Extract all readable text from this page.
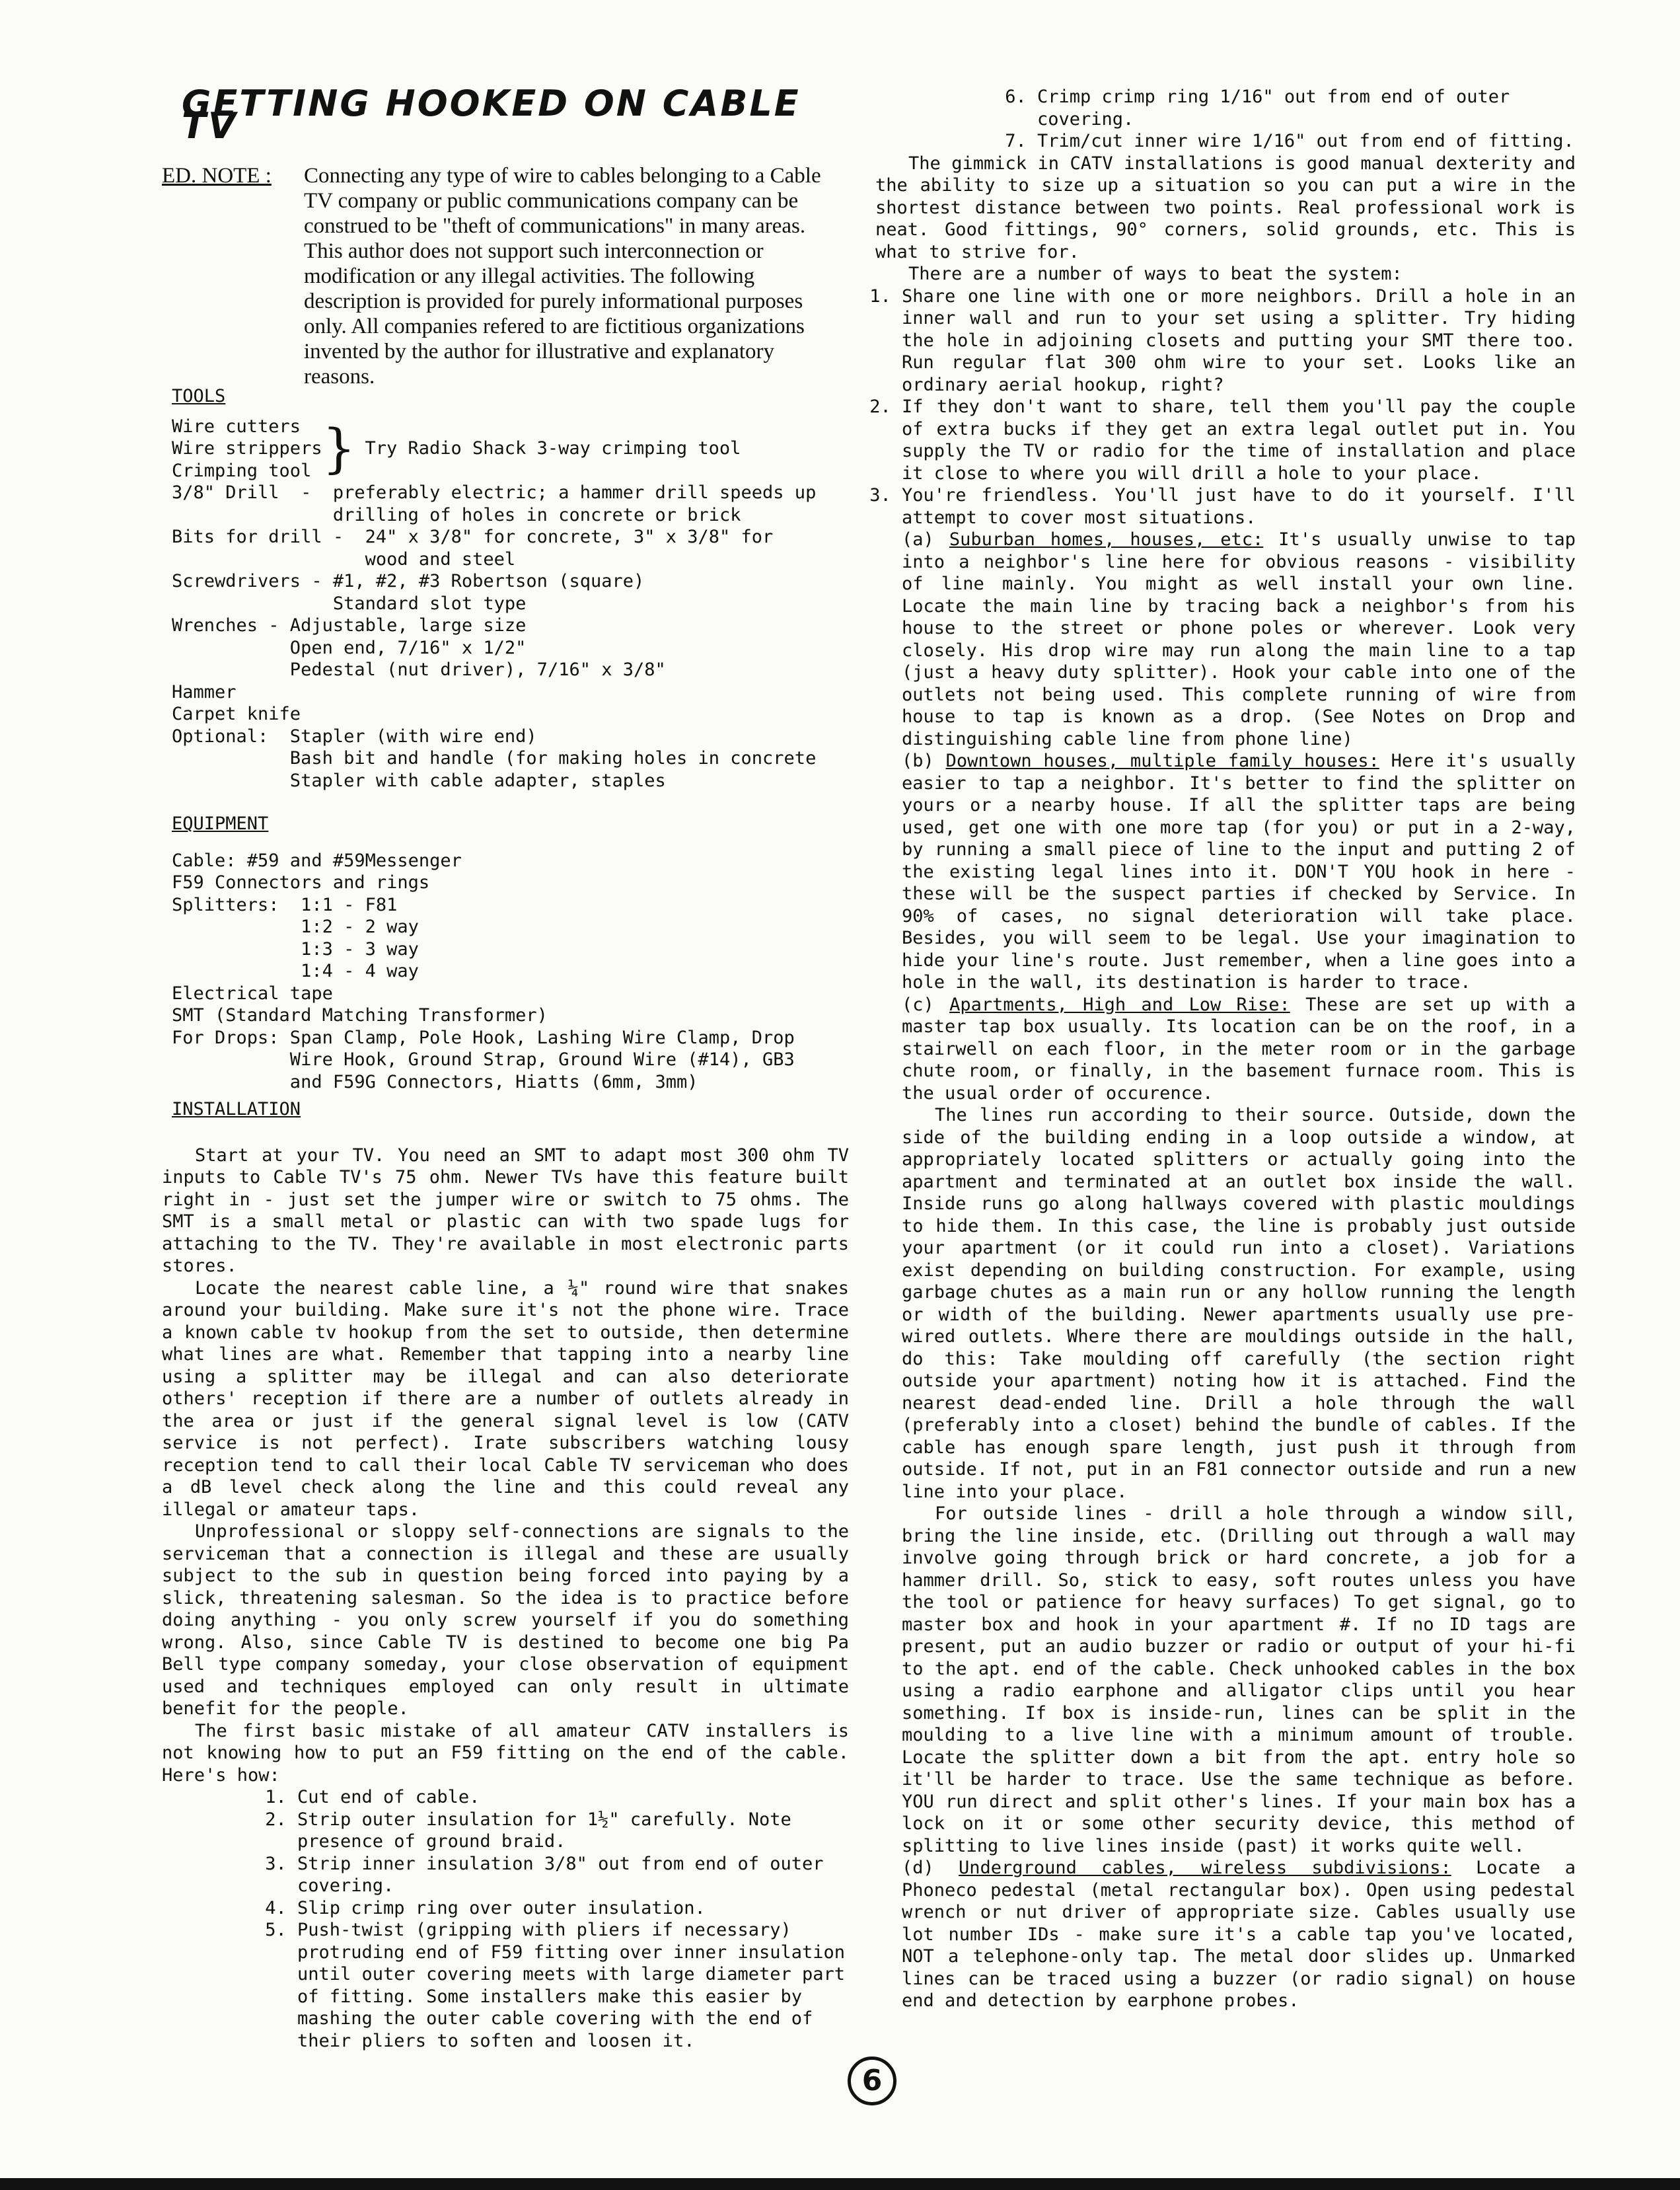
GETTING HOOKED ON CABLE TV
ED. NOTE :	Connecting any type of wire to cables belonging to a Cable TV company or public communications company can be construed to be "theft of communications" in many areas. This author does not support such interconnection or modification or any illegal activities. The following description is provided for purely informational purposes only. All companies refered to are fictitious organizations invented by the author for illustrative and explanatory reasons.
TOOLS
Wire cutters
Wire strippers
Crimping tool } Try Radio Shack 3-way crimping tool
3/8" Drill  -  preferably electric; a hammer drill speeds up
drilling of holes in concrete or brick
Bits for drill -  24" x 3/8" for concrete, 3" x 3/8" for
wood and steel
Screwdrivers - #1, #2, #3 Robertson (square)
Standard slot type
Wrenches - Adjustable, large size
Open end, 7/16" x 1/2"
Pedestal (nut driver), 7/16" x 3/8"
Hammer
Carpet knife
Optional:  Stapler (with wire end)
Bash bit and handle (for making holes in concrete
Stapler with cable adapter, staples
EQUIPMENT
Cable: #59 and #59Messenger
F59 Connectors and rings
Splitters:  1:1 - F81
1:2 - 2 way
1:3 - 3 way
1:4 - 4 way
Electrical tape
SMT (Standard Matching Transformer)
For Drops: Span Clamp, Pole Hook, Lashing Wire Clamp, Drop
Wire Hook, Ground Strap, Ground Wire (#14), GB3
and F59G Connectors, Hiatts (6mm, 3mm)
INSTALLATION

Start at your TV. You need an SMT to adapt most 300 ohm TV inputs to Cable TV's 75 ohm. Newer TVs have this feature built right in - just set the jumper wire or switch to 75 ohms. The SMT is a small metal or plastic can with two spade lugs for attaching to the TV. They're available in most electronic parts stores.

Locate the nearest cable line, a ¼" round wire that snakes around your building. Make sure it's not the phone wire. Trace a known cable tv hookup from the set to outside, then determine what lines are what. Remember that tapping into a nearby line using a splitter may be illegal and can also deteriorate others' reception if there are a number of outlets already in the area or just if the general signal level is low (CATV service is not perfect). Irate subscribers watching lousy reception tend to call their local Cable TV serviceman who does a dB level check along the line and this could reveal any illegal or amateur taps.

Unprofessional or sloppy self-connections are signals to the serviceman that a connection is illegal and these are usually subject to the sub in question being forced into paying by a slick, threatening salesman. So the idea is to practice before doing anything - you only screw yourself if you do something wrong. Also, since Cable TV is destined to become one big Pa Bell type company someday, your close observation of equipment used and techniques employed can only result in ultimate benefit for the people.

The first basic mistake of all amateur CATV installers is not knowing how to put an F59 fitting on the end of the cable. Here's how:

1. Cut end of cable.
2. Strip outer insulation for 1½" carefully. Note presence of ground braid.
3. Strip inner insulation 3/8" out from end of outer covering.
4. Slip crimp ring over outer insulation.
5. Push-twist (gripping with pliers if necessary) protruding end of F59 fitting over inner insulation until outer covering meets with large diameter part of fitting. Some installers make this easier by mashing the outer cable covering with the end of their pliers to soften and loosen it.
6. Crimp crimp ring 1/16" out from end of outer covering.
7. Trim/cut inner wire 1/16" out from end of fitting.

The gimmick in CATV installations is good manual dexterity and the ability to size up a situation so you can put a wire in the shortest distance between two points. Real professional work is neat. Good fittings, 90° corners, solid grounds, etc. This is what to strive for.

There are a number of ways to beat the system:

1. Share one line with one or more neighbors. Drill a hole in an inner wall and run to your set using a splitter. Try hiding the hole in adjoining closets and putting your SMT there too. Run regular flat 300 ohm wire to your set. Looks like an ordinary aerial hookup, right?
2. If they don't want to share, tell them you'll pay the couple of extra bucks if they get an extra legal outlet put in. You supply the TV or radio for the time of installation and place it close to where you will drill a hole to your place.
3. You're friendless. You'll just have to do it yourself. I'll attempt to cover most situations.
(a) Suburban homes, houses, etc: It's usually unwise to tap into a neighbor's line here for obvious reasons - visibility of line mainly. You might as well install your own line. Locate the main line by tracing back a neighbor's from his house to the street or phone poles or wherever. Look very closely. His drop wire may run along the main line to a tap (just a heavy duty splitter). Hook your cable into one of the outlets not being used. This complete running of wire from house to tap is known as a drop. (See Notes on Drop and distinguishing cable line from phone line)
(b) Downtown houses, multiple family houses: Here it's usually easier to tap a neighbor. It's better to find the splitter on yours or a nearby house. If all the splitter taps are being used, get one with one more tap (for you) or put in a 2-way, by running a small piece of line to the input and putting 2 of the existing legal lines into it. DON'T YOU hook in here - these will be the suspect parties if checked by Service. In 90% of cases, no signal deterioration will take place. Besides, you will seem to be legal. Use your imagination to hide your line's route. Just remember, when a line goes into a hole in the wall, its destination is harder to trace.
(c) Apartments, High and Low Rise: These are set up with a master tap box usually. Its location can be on the roof, in a stairwell on each floor, in the meter room or in the garbage chute room, or finally, in the basement furnace room. This is the usual order of occurence.

The lines run according to their source. Outside, down the side of the building ending in a loop outside a window, at appropriately located splitters or actually going into the apartment and terminated at an outlet box inside the wall. Inside runs go along hallways covered with plastic mouldings to hide them. In this case, the line is probably just outside your apartment (or it could run into a closet). Variations exist depending on building construction. For example, using garbage chutes as a main run or any hollow running the length or width of the building. Newer apartments usually use pre-wired outlets. Where there are mouldings outside in the hall, do this: Take moulding off carefully (the section right outside your apartment) noting how it is attached. Find the nearest dead-ended line. Drill a hole through the wall (preferably into a closet) behind the bundle of cables. If the cable has enough spare length, just push it through from outside. If not, put in an F81 connector outside and run a new line into your place.

For outside lines - drill a hole through a window sill, bring the line inside, etc. (Drilling out through a wall may involve going through brick or hard concrete, a job for a hammer drill. So, stick to easy, soft routes unless you have the tool or patience for heavy surfaces) To get signal, go to master box and hook in your apartment #. If no ID tags are present, put an audio buzzer or radio or output of your hi-fi to the apt. end of the cable. Check unhooked cables in the box using a radio earphone and alligator clips until you hear something. If box is inside-run, lines can be split in the moulding to a live line with a minimum amount of trouble. Locate the splitter down a bit from the apt. entry hole so it'll be harder to trace. Use the same technique as before. YOU run direct and split other's lines. If your main box has a lock on it or some other security device, this method of splitting to live lines inside (past) it works quite well.

(d) Underground cables, wireless subdivisions: Locate a Phoneco pedestal (metal rectangular box). Open using pedestal wrench or nut driver of appropriate size. Cables usually use lot number IDs - make sure it's a cable tap you've located, NOT a telephone-only tap. The metal door slides up. Unmarked lines can be traced using a buzzer (or radio signal) on house end and detection by earphone probes.
6
